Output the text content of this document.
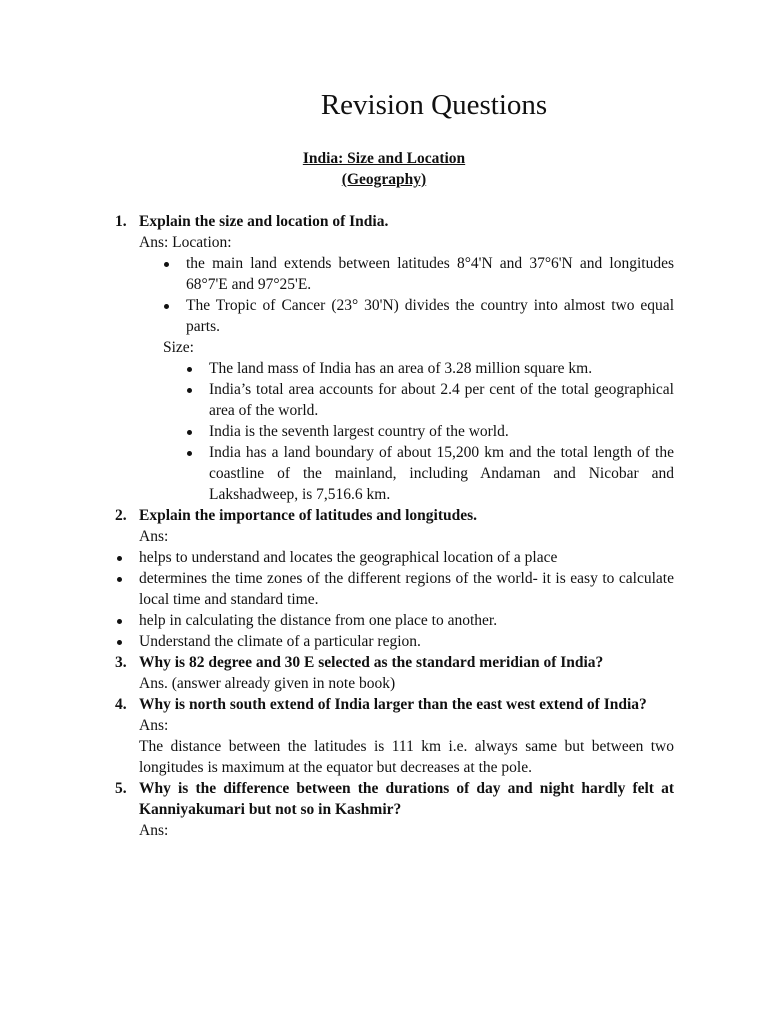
Revision Questions
India: Size and Location
(Geography)
1. Explain the size and location of India.
Ans: Location:
the main land extends between latitudes 8°4'N and 37°6'N and longitudes 68°7'E and 97°25'E.
The Tropic of Cancer (23° 30'N) divides the country into almost two equal parts.
Size:
The land mass of India has an area of 3.28 million square km.
India’s total area accounts for about 2.4 per cent of the total geographical area of the world.
India is the seventh largest country of the world.
India has a land boundary of about 15,200 km and the total length of the coastline of the mainland, including Andaman and Nicobar and Lakshadweep, is 7,516.6 km.
2. Explain the importance of latitudes and longitudes.
Ans:
helps to understand and locates the geographical location of a place
determines the time zones of the different regions of the world- it is easy to calculate local time and standard time.
help in calculating the distance from one place to another.
Understand the climate of a particular region.
3. Why is 82 degree and 30 E selected as the standard meridian of India?
Ans. (answer already given in note book)
4. Why is north south extend of India larger than the east west extend of India?
Ans:
The distance between the latitudes is 111 km i.e. always same but between two longitudes is maximum at the equator but decreases at the pole.
5. Why is the difference between the durations of day and night hardly felt at Kanniyakumari but not so in Kashmir?
Ans:
